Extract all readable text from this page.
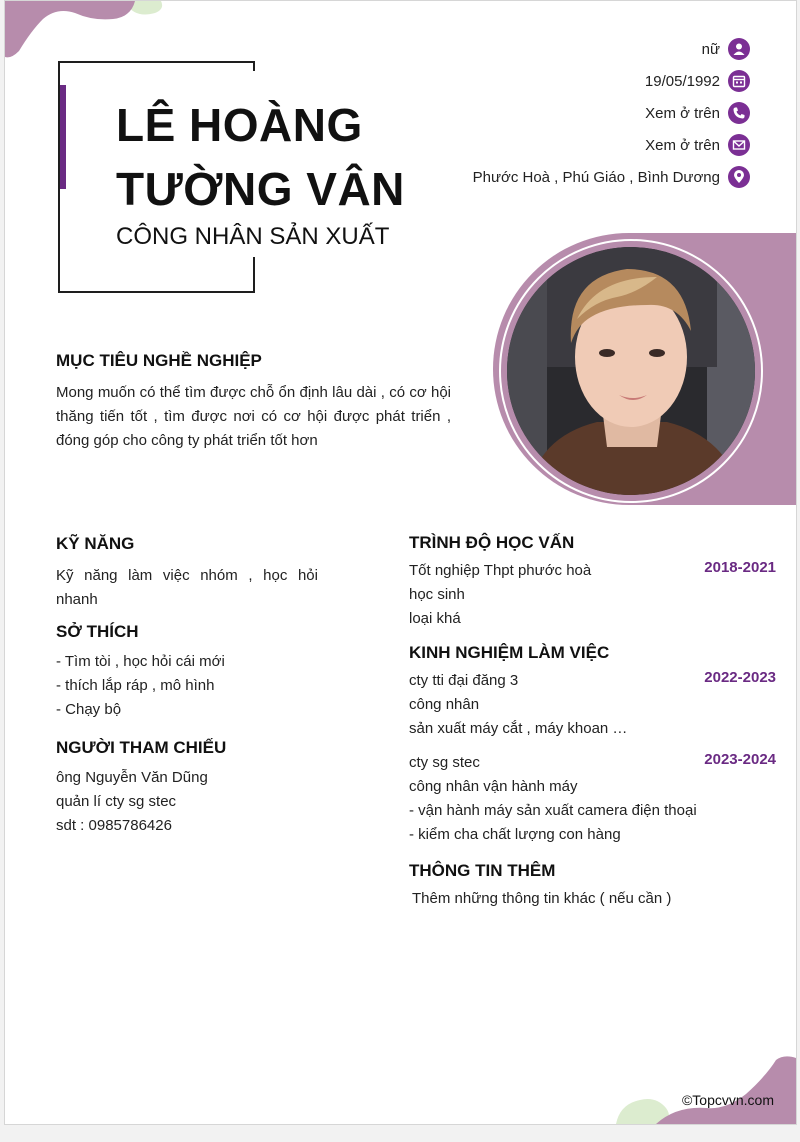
LÊ HOÀNG
TƯỜNG VÂN
CÔNG NHÂN SẢN XUẤT
nữ
19/05/1992
Xem ở trên
Xem ở trên
Phước Hoà , Phú Giáo , Bình Dương
MỤC TIÊU NGHỀ NGHIỆP
Mong muốn có thể tìm được chỗ ổn định lâu dài , có cơ hội thăng tiến tốt , tìm được nơi có cơ hội được phát triển , đóng góp cho công ty phát triển tốt hơn
KỸ NĂNG
Kỹ năng làm việc nhóm , học hỏi nhanh
SỞ THÍCH
- Tìm tòi , học hỏi cái mới
- thích lắp ráp , mô hình
- Chạy bộ
NGƯỜI THAM CHIẾU
ông Nguyễn Văn Dũng
quản lí cty sg stec
sdt : 0985786426
TRÌNH ĐỘ HỌC VẤN
Tốt nghiệp Thpt phước hoà	2018-2021
học sinh
loại khá
KINH NGHIỆM LÀM VIỆC
cty tti đại đăng 3	2022-2023
công nhân
sản xuất máy cắt , máy khoan …
cty sg stec	2023-2024
công nhân vận hành máy
- vận hành máy sản xuất camera điện thoại
- kiểm cha chất lượng con hàng
THÔNG TIN THÊM
Thêm những thông tin khác ( nếu cần )
©Topcvvn.com
